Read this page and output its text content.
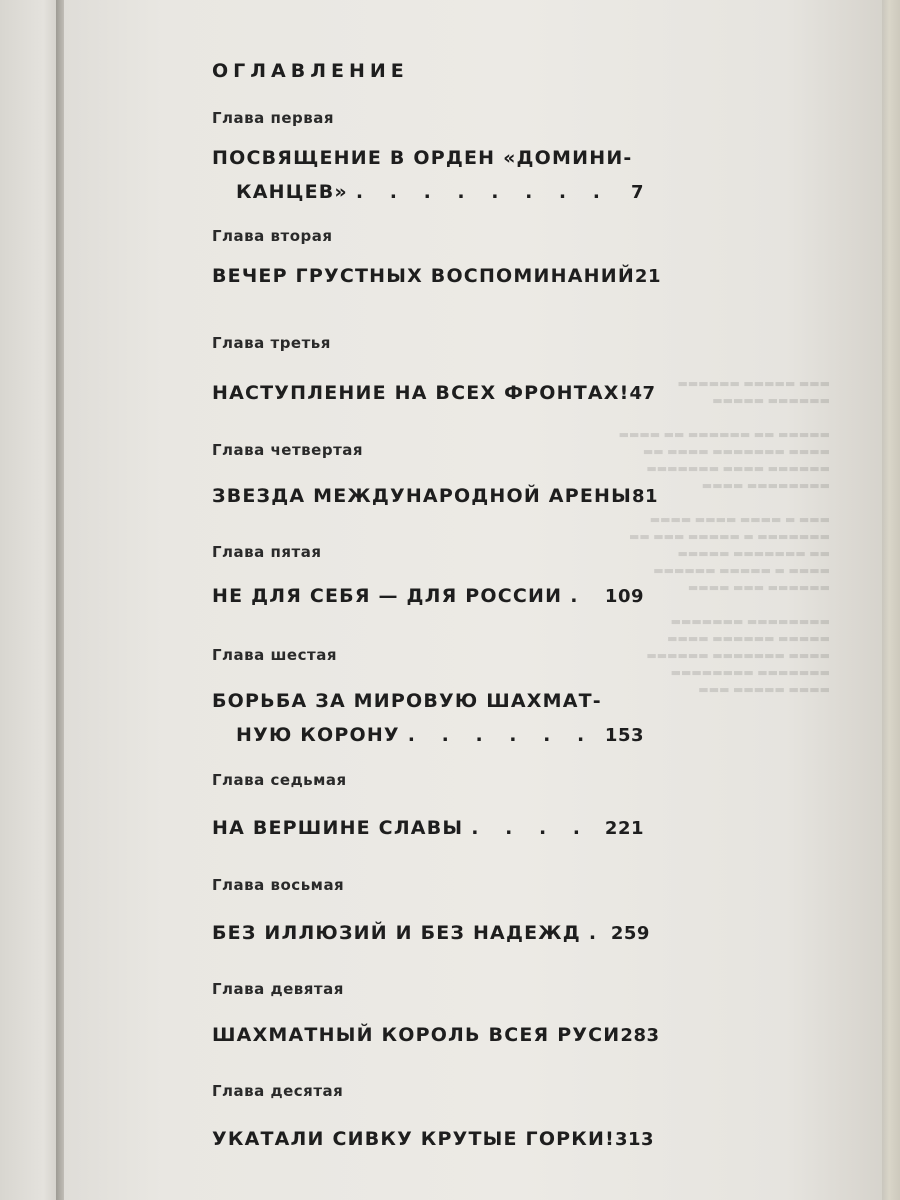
▬▬▬ ▬▬▬▬▬ ▬▬▬▬▬▬
▬▬▬▬▬▬ ▬▬▬▬▬

▬▬▬▬▬ ▬▬ ▬▬▬▬▬▬ ▬▬ ▬▬▬▬
▬▬▬▬ ▬▬▬▬▬▬▬ ▬▬▬▬ ▬▬
▬▬▬▬▬▬ ▬▬▬▬ ▬▬▬▬▬▬▬
▬▬▬▬▬▬▬▬ ▬▬▬▬

▬▬▬ ▬ ▬▬▬▬ ▬▬▬▬ ▬▬▬▬
▬▬▬▬▬▬▬ ▬ ▬▬▬▬▬ ▬▬▬ ▬▬
▬▬ ▬▬▬▬▬▬▬ ▬▬▬▬▬
▬▬▬▬ ▬ ▬▬▬▬▬ ▬▬▬▬▬▬
▬▬▬▬▬▬ ▬▬▬ ▬▬▬▬

▬▬▬▬▬▬▬▬ ▬▬▬▬▬▬▬
▬▬▬▬▬ ▬▬▬▬▬▬ ▬▬▬▬
▬▬▬▬ ▬▬▬▬▬▬▬ ▬▬▬▬▬▬
▬▬▬▬▬▬▬ ▬▬▬▬▬▬▬▬
▬▬▬▬ ▬▬▬▬▬ ▬▬▬
ОГЛАВЛЕНИЕ
Глава первая
ПОСВЯЩЕНИЕ В ОРДЕН «ДОМИНИ-
КАНЦЕВ» . . . . . . . .	7
Глава вторая
ВЕЧЕР ГРУСТНЫХ ВОСПОМИНАНИЙ 21
Глава третья
НАСТУПЛЕНИЕ НА ВСЕХ ФРОНТАХ! 47
Глава четвертая
ЗВЕЗДА МЕЖДУНАРОДНОЙ АРЕНЫ 81
Глава пятая
НЕ ДЛЯ СЕБЯ — ДЛЯ РОССИИ . 109
Глава шестая
БОРЬБА ЗА МИРОВУЮ ШАХМАТ-
НУЮ КОРОНУ . . . . . . 153
Глава седьмая
НА ВЕРШИНЕ СЛАВЫ . . . . 221
Глава восьмая
БЕЗ ИЛЛЮЗИЙ И БЕЗ НАДЕЖД . 259
Глава девятая
ШАХМАТНЫЙ КОРОЛЬ ВСЕЯ РУСИ 283
Глава десятая
УКАТАЛИ СИВКУ КРУТЫЕ ГОРКИ! 313
